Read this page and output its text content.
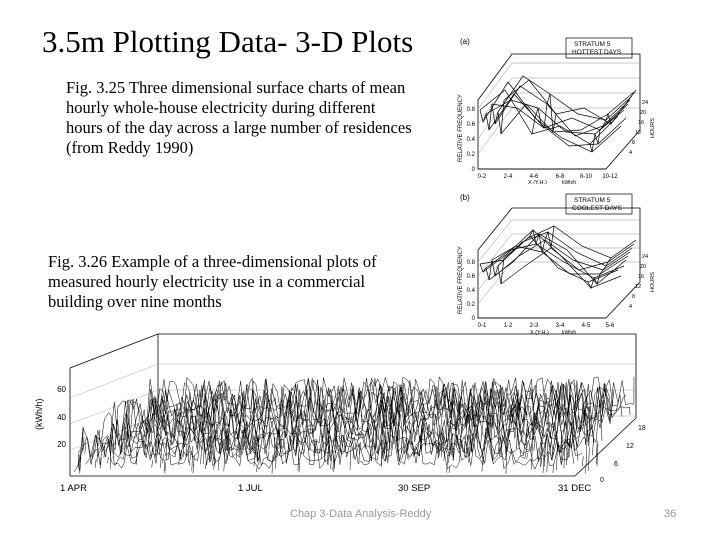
3.5m Plotting Data- 3-D Plots
Fig. 3.25 Three dimensional surface charts of mean hourly whole-house electricity during different hours of the day across a large number of residences (from Reddy 1990)
Fig. 3.26 Example of a three-dimensional plots of measured hourly electricity use in a commercial building over nine months
(a)	STRATUM 5
HOTTEST DAYS
0
0.2
0.4
0.6
0.8
RELATIVE FREQUENCY
0-2	2-4	4-6	6-8	8-10 10-12
X (Y.H.)	kWh/h
24
20
16
12
8
4
HOURS
(b)	STRATUM 5
COOLEST DAYS
0
0.2
0.4
0.6
0.8
RELATIVE FREQUENCY
0-1	1-2	2-3	3-4	4-5	5-6
X (Y.H.)	kWh/h
24
20
16
12
8
4
HOURS
(kWh/h)
60
40
20
1 APR	1 JUL	30 SEP	31 DEC
18
12
6
0
Chap 3-Data Analysis-Reddy	36
